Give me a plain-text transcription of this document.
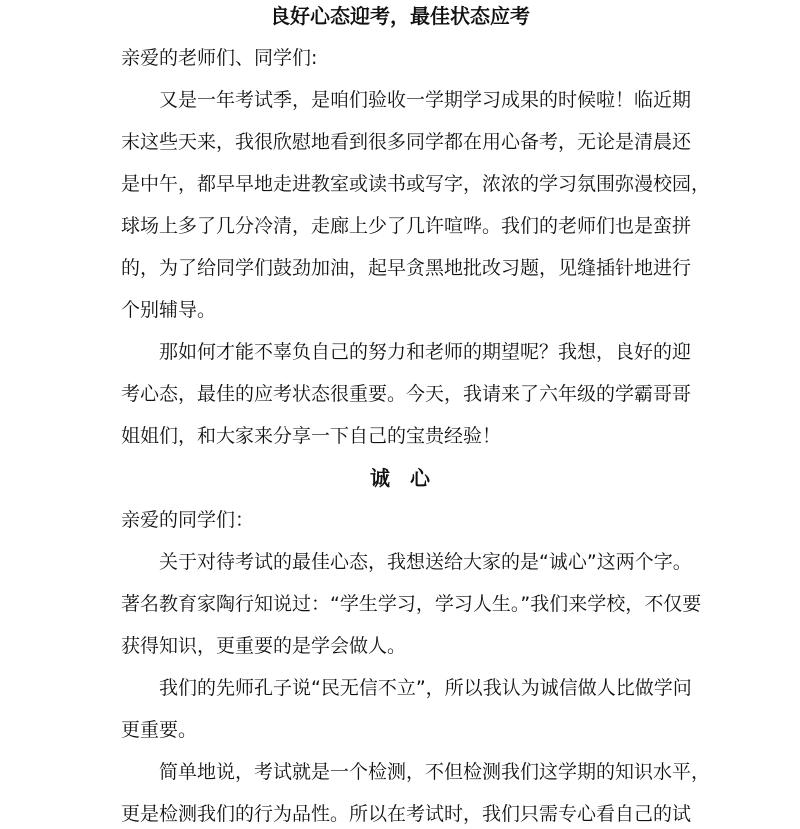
良好心态迎考，最佳状态应考
亲爱的老师们、同学们:
又是一年考试季，是咱们验收一学期学习成果的时候啦！临近期
末这些天来，我很欣慰地看到很多同学都在用心备考，无论是清晨还
是中午，都早早地走进教室或读书或写字，浓浓的学习氛围弥漫校园，
球场上多了几分冷清，走廊上少了几许喧哗。我们的老师们也是蛮拼
的，为了给同学们鼓劲加油，起早贪黑地批改习题，见缝插针地进行
个别辅导。
那如何才能不辜负自己的努力和老师的期望呢？我想，良好的迎
考心态，最佳的应考状态很重要。今天，我请来了六年级的学霸哥哥
姐姐们，和大家来分享一下自己的宝贵经验！
诚　心
亲爱的同学们：
关于对待考试的最佳心态，我想送给大家的是“诚心”这两个字。
著名教育家陶行知说过：“学生学习，学习人生。”我们来学校，不仅要
获得知识，更重要的是学会做人。
我们的先师孔子说“民无信不立”，所以我认为诚信做人比做学问
更重要。
简单地说，考试就是一个检测，不但检测我们这学期的知识水平，
更是检测我们的行为品性。所以在考试时，我们只需专心看自己的试
